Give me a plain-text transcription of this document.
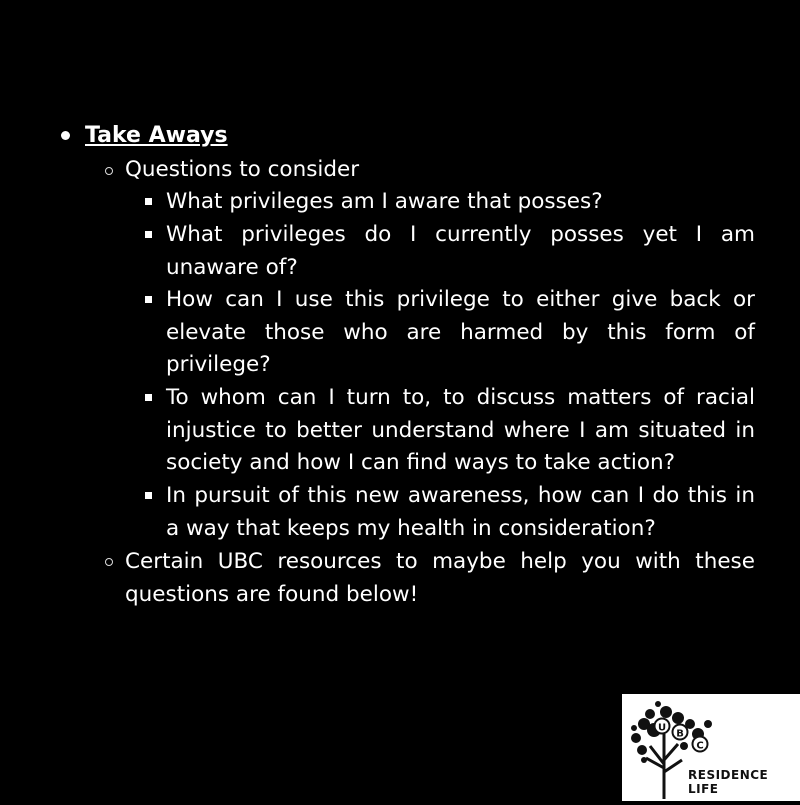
Take Aways
Questions to consider
What privileges am I aware that posses?
What privileges do I currently posses yet I am unaware of?
How can I use this privilege to either give back or elevate those who are harmed by this form of privilege?
To whom can I turn to, to discuss matters of racial injustice to better understand where I am situated in society and how I can find ways to take action?
In pursuit of this new awareness, how can I do this in a way that keeps my health in consideration?
Certain UBC resources to maybe help you with these questions are found below!
U
B
C
RESIDENCE LIFE
